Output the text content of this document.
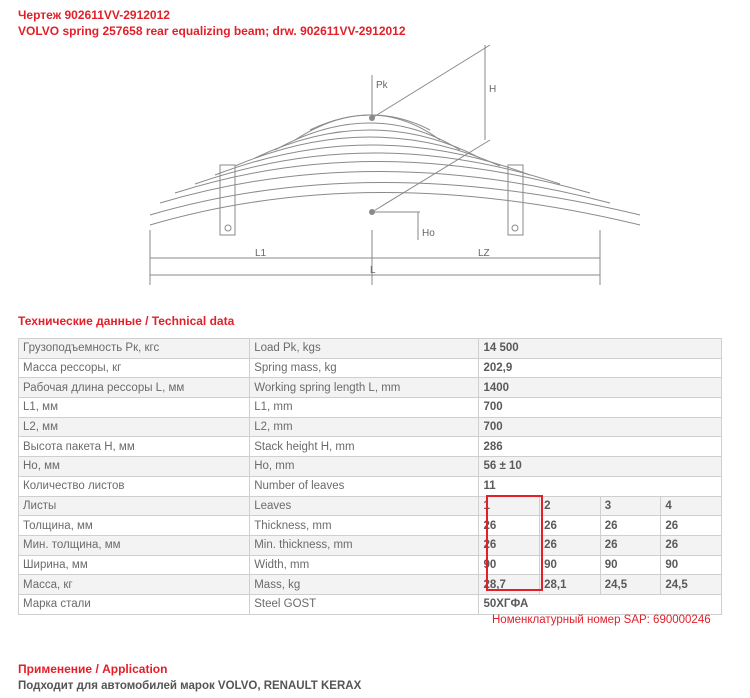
Чертеж 902611VV-2912012
VOLVO spring 257658 rear equalizing beam; drw. 902611VV-2912012
Pk	H
Ho
L1	LZ
L
Технические данные / Technical data
Грузоподъемность Pк, кгс	Load Pk, kgs	14 500			
Масса рессоры, кг	Spring mass, kg	202,9			
Рабочая длина рессоры L, мм	Working spring length L, mm	1400			
L1, мм	L1, mm	700			
L2, мм	L2, mm	700			
Высота пакета H, мм	Stack height H, mm	286			
Ho, мм	Ho, mm	56 ± 10			
Количество листов	Number of leaves	11			
Листы	Leaves	1	2	3	4
Толщина, мм	Thickness, mm	26	26	26	26
Мин. толщина, мм	Min. thickness, mm	26	26	26	26
Ширина, мм	Width, mm	90	90	90	90
Масса, кг	Mass, kg	28,7	28,1	24,5	24,5
Марка стали	Steel GOST	50ХГФА			
Номенклатурный номер SAP: 690000246
Применение / Application
Подходит для автомобилей марок VOLVO, RENAULT KERAX
